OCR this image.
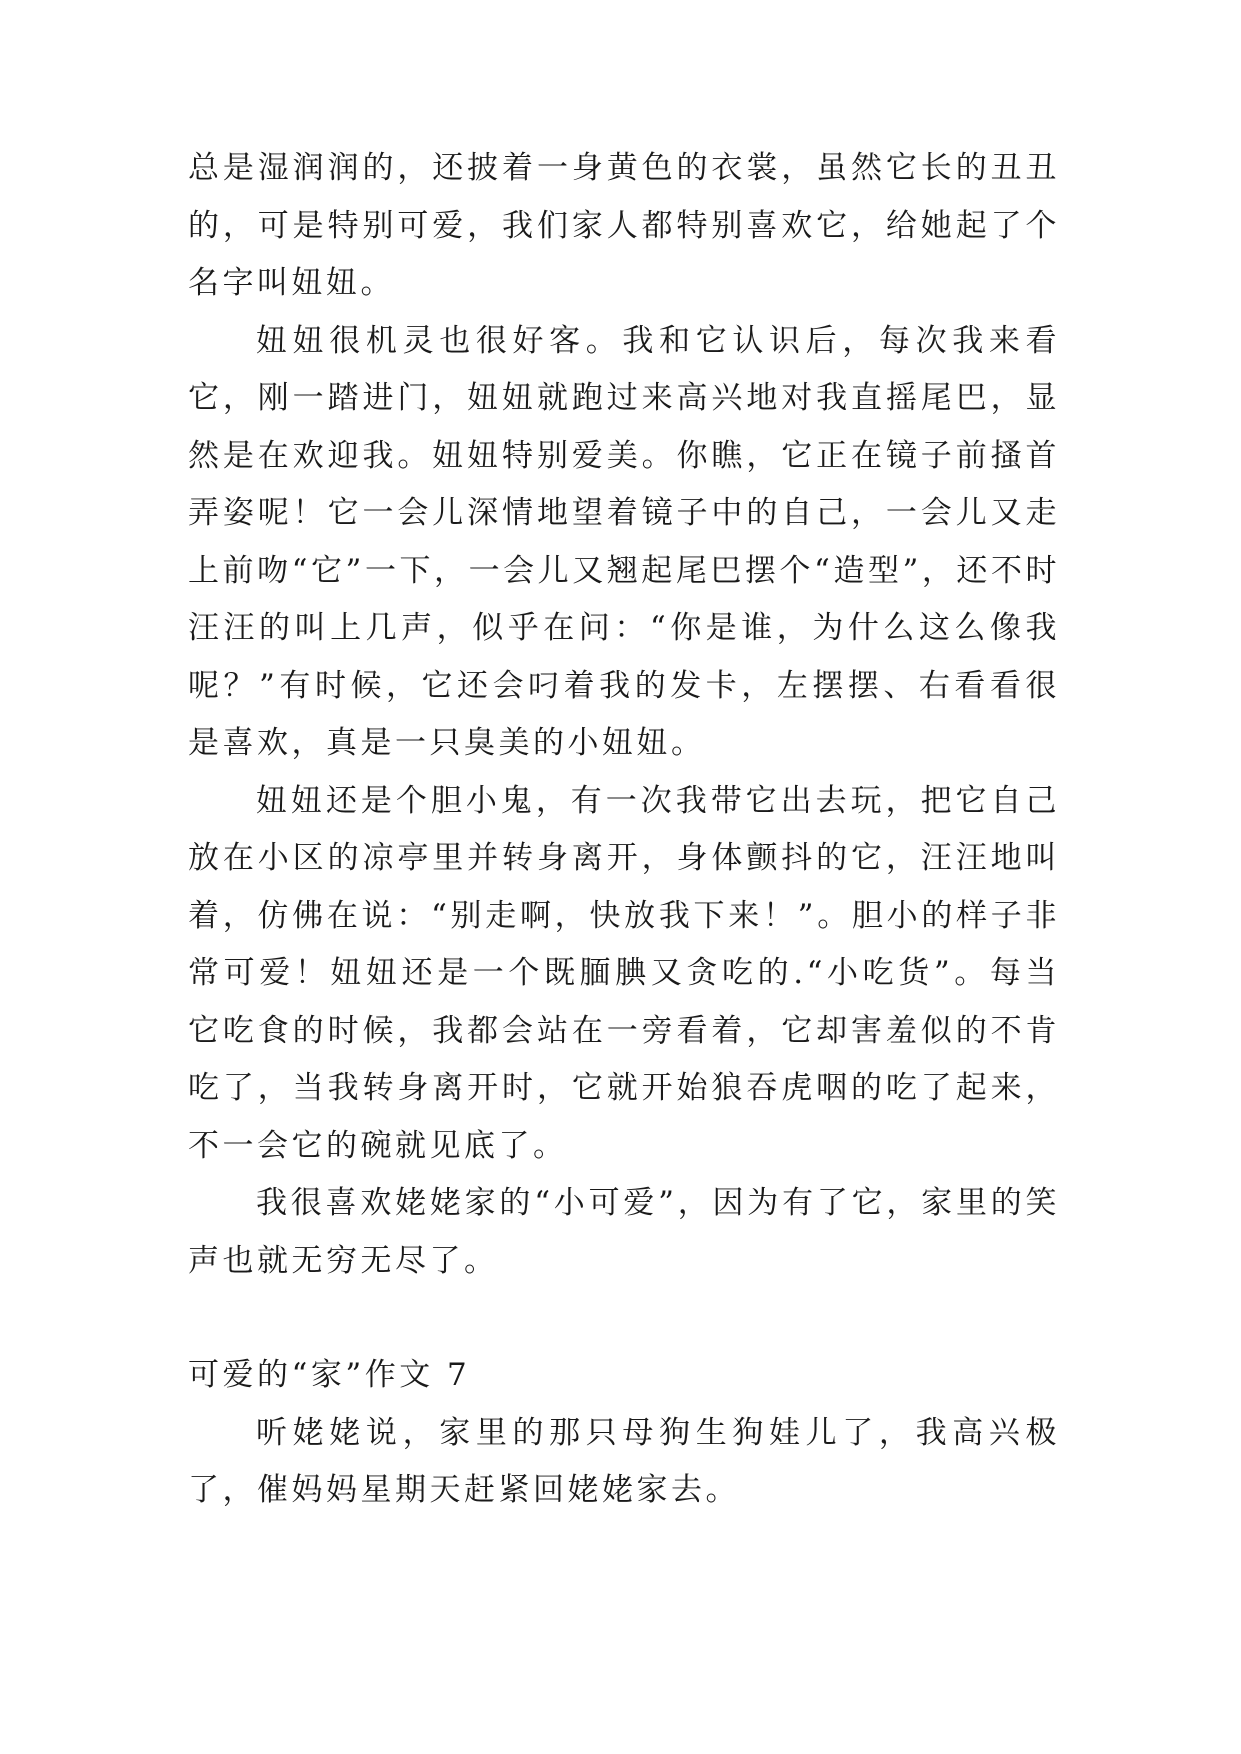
总是湿润润的，还披着一身黄色的衣裳，虽然它长的丑丑的，可是特别可爱，我们家人都特别喜欢它，给她起了个名字叫妞妞。

妞妞很机灵也很好客。我和它认识后，每次我来看它，刚一踏进门，妞妞就跑过来高兴地对我直摇尾巴，显然是在欢迎我。妞妞特别爱美。你瞧，它正在镜子前搔首弄姿呢！它一会儿深情地望着镜子中的自己，一会儿又走上前吻“它”一下，一会儿又翘起尾巴摆个“造型”，还不时汪汪的叫上几声，似乎在问：“你是谁，为什么这么像我呢？”有时候，它还会叼着我的发卡，左摆摆、右看看很是喜欢，真是一只臭美的小妞妞。

妞妞还是个胆小鬼，有一次我带它出去玩，把它自己放在小区的凉亭里并转身离开，身体颤抖的它，汪汪地叫着，仿佛在说：“别走啊，快放我下来！”。胆小的样子非常可爱！妞妞还是一个既腼腆又贪吃的.“小吃货”。每当它吃食的时候，我都会站在一旁看着，它却害羞似的不肯吃了，当我转身离开时，它就开始狼吞虎咽的吃了起来，不一会它的碗就见底了。

我很喜欢姥姥家的“小可爱”，因为有了它，家里的笑声也就无穷无尽了。

可爱的“家”作文 7

听姥姥说，家里的那只母狗生狗娃儿了，我高兴极了，催妈妈星期天赶紧回姥姥家去。
